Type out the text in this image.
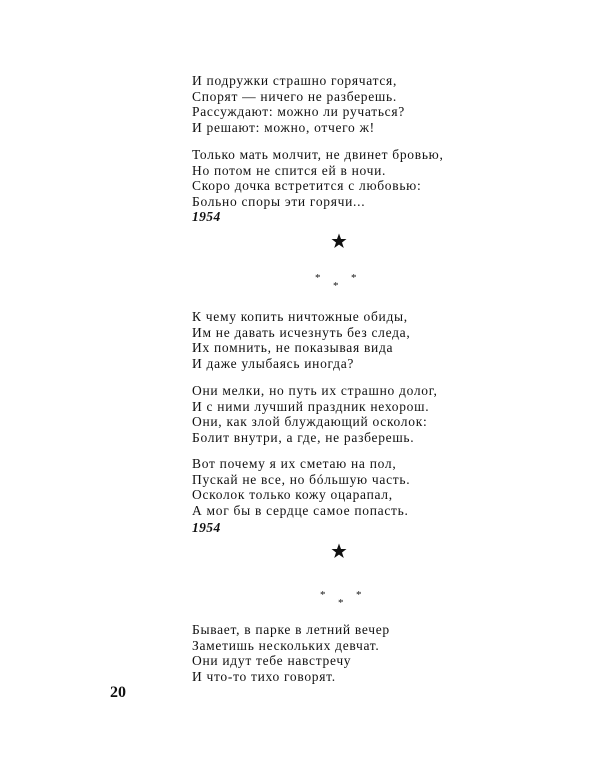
И подружки страшно горячатся,
Спорят — ничего не разберешь.
Рассуждают: можно ли ручаться?
И решают: можно, отчего ж!
Только мать молчит, не двинет бровью,
Но потом не спится ей в ночи.
Скоро дочка встретится с любовью:
Больно споры эти горячи...
1954
*
*
*
К чему копить ничтожные обиды,
Им не давать исчезнуть без следа,
Их помнить, не показывая вида
И даже улыбаясь иногда?
Они мелки, но путь их страшно долог,
И с ними лучший праздник нехорош.
Они, как злой блуждающий осколок:
Болит внутри, а где, не разберешь.
Вот почему я их сметаю на пол,
Пускай не все, но бóльшую часть.
Осколок только кожу оцарапал,
А мог бы в сердце самое попасть.
1954
*
*
*
Бывает, в парке в летний вечер
Заметишь нескольких девчат.
Они идут тебе навстречу
И что-то тихо говорят.
20
